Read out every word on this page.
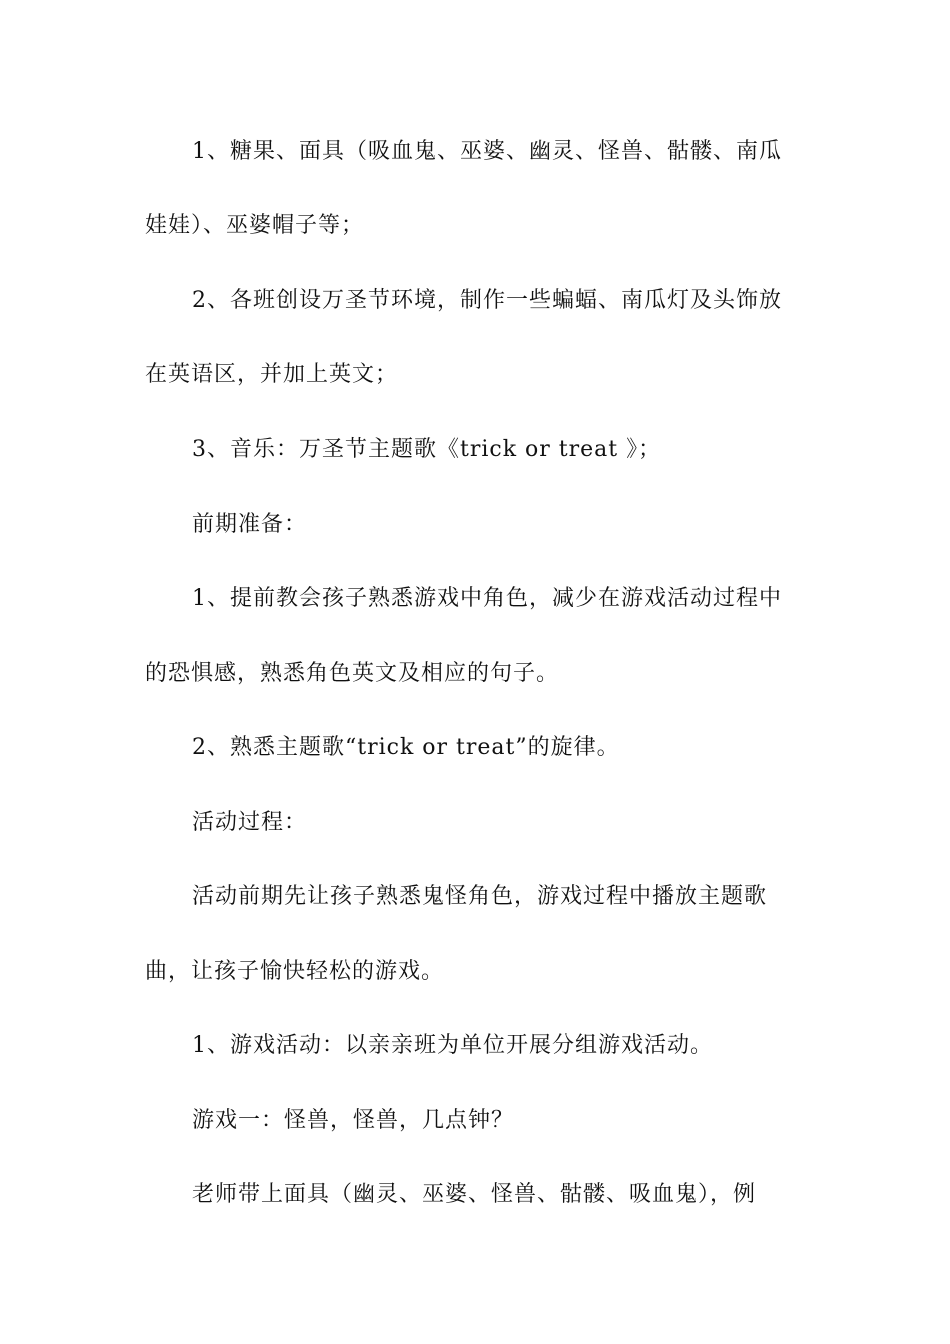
1、糖果、面具（吸血鬼、巫婆、幽灵、怪兽、骷髅、南瓜
娃娃）、巫婆帽子等；
2、各班创设万圣节环境，制作一些蝙蝠、南瓜灯及头饰放
在英语区，并加上英文；
3、音乐：万圣节主题歌《trick or treat 》；
前期准备：
1、提前教会孩子熟悉游戏中角色，减少在游戏活动过程中
的恐惧感，熟悉角色英文及相应的句子。
2、熟悉主题歌“trick or treat”的旋律。
活动过程：
活动前期先让孩子熟悉鬼怪角色，游戏过程中播放主题歌
曲，让孩子愉快轻松的游戏。
1、游戏活动：以亲亲班为单位开展分组游戏活动。
游戏一：怪兽，怪兽，几点钟？
老师带上面具（幽灵、巫婆、怪兽、骷髅、吸血鬼），例
